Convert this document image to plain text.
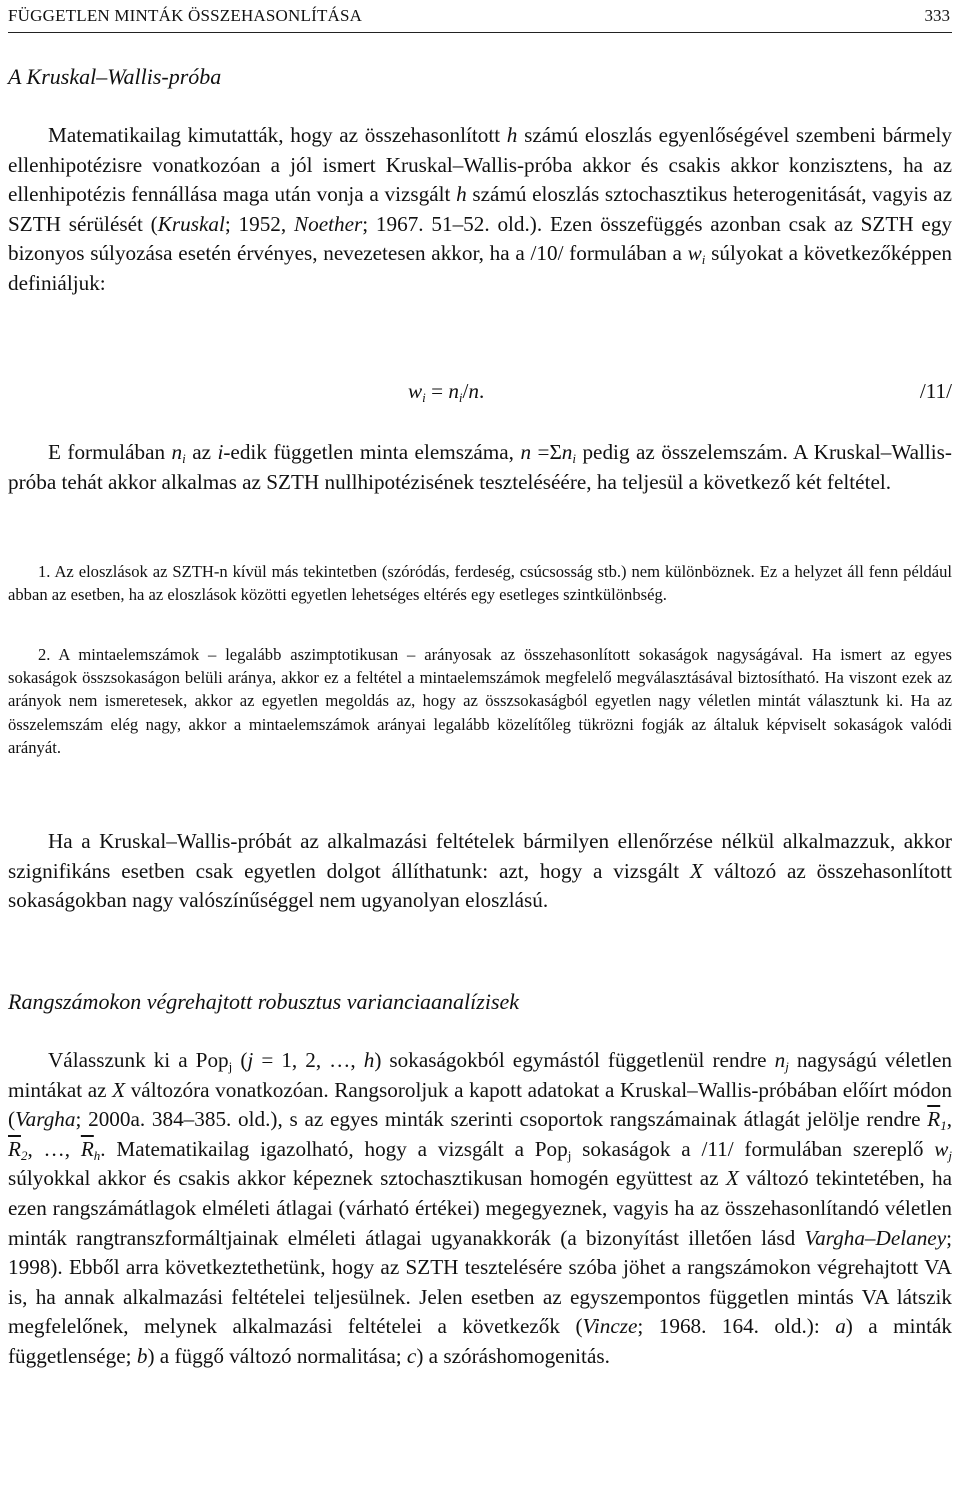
FÜGGETLEN MINTÁK ÖSSZEHASONLÍTÁSA	333
A Kruskal–Wallis-próba
Matematikailag kimutatták, hogy az összehasonlított h számú eloszlás egyenlőségével szembeni bármely ellenhipotézisre vonatkozóan a jól ismert Kruskal–Wallis-próba akkor és csakis akkor konzisztens, ha az ellenhipotézis fennállása maga után vonja a vizsgált h számú eloszlás sztochasztikus heterogenitását, vagyis az SZTH sérülését (Kruskal; 1952, Noether; 1967. 51–52. old.). Ezen összefüggés azonban csak az SZTH egy bizonyos súlyozása esetén érvényes, nevezetesen akkor, ha a /10/ formulában a $w_i$ súlyokat a következőképpen definiáljuk:
$w_i = n_i/n$.	/11/
E formulában $n_i$ az i-edik független minta elemszáma, $n =\Sigma n_i$ pedig az összelemszám. A Kruskal–Wallis-próba tehát akkor alkalmas az SZTH nullhipotézisének teszteléséére, ha teljesül a következő két feltétel.
1. Az eloszlások az SZTH-n kívül más tekintetben (szóródás, ferdeség, csúcsosság stb.) nem különböznek. Ez a helyzet áll fenn például abban az esetben, ha az eloszlások közötti egyetlen lehetséges eltérés egy esetleges szintkülönbség.
2. A mintaelemszámok – legalább aszimptotikusan – arányosak az összehasonlított sokaságok nagyságával. Ha ismert az egyes sokaságok összsokaságon belüli aránya, akkor ez a feltétel a mintaelemszámok megfelelő megválasztásával biztosítható. Ha viszont ezek az arányok nem ismeretesek, akkor az egyetlen megoldás az, hogy az összsokaságból egyetlen nagy véletlen mintát választunk ki. Ha az összelemszám elég nagy, akkor a mintaelemszámok arányai legalább közelítőleg tükrözni fogják az általuk képviselt sokaságok valódi arányát.
Ha a Kruskal–Wallis-próbát az alkalmazási feltételek bármilyen ellenőrzése nélkül alkalmazzuk, akkor szignifikáns esetben csak egyetlen dolgot állíthatunk: azt, hogy a vizsgált X változó az összehasonlított sokaságokban nagy valószínűséggel nem ugyanolyan eloszlású.
Rangszámokon végrehajtott robusztus varianciaanalízisek
Válasszunk ki a Pop$_j$ (j = 1, 2, …, h) sokaságokból egymástól függetlenül rendre $n_j$ nagyságú véletlen mintákat az X változóra vonatkozóan. Rangsoroljuk a kapott adatokat a Kruskal–Wallis-próbában előírt módon (Vargha; 2000a. 384–385. old.), s az egyes minták szerinti csoportok rangszámainak átlagát jelölje rendre $\overline{R}_1$, $\overline{R}_2$, …, $\overline{R}_h$. Matematikailag igazolható, hogy a vizsgált a Pop$_j$ sokaságok a /11/ formulában szereplő $w_j$ súlyokkal akkor és csakis akkor képeznek sztochasztikusan homogén együttest az X változó tekintetében, ha ezen rangszámátlagok elméleti átlagai (várható értékei) megegyeznek, vagyis ha az összehasonlítandó véletlen minták rangtranszformáltjainak elméleti átlagai ugyanakkorák (a bizonyítást illetően lásd Vargha–Delaney; 1998). Ebből arra következtethetünk, hogy az SZTH tesztelésére szóba jöhet a rangszámokon végrehajtott VA is, ha annak alkalmazási feltételei teljesülnek. Jelen esetben az egyszempontos független mintás VA látszik megfelelőnek, melynek alkalmazási feltételei a következők (Vincze; 1968. 164. old.): a) a minták függetlensége; b) a függő változó normalitása; c) a szóráshomogenitás.
